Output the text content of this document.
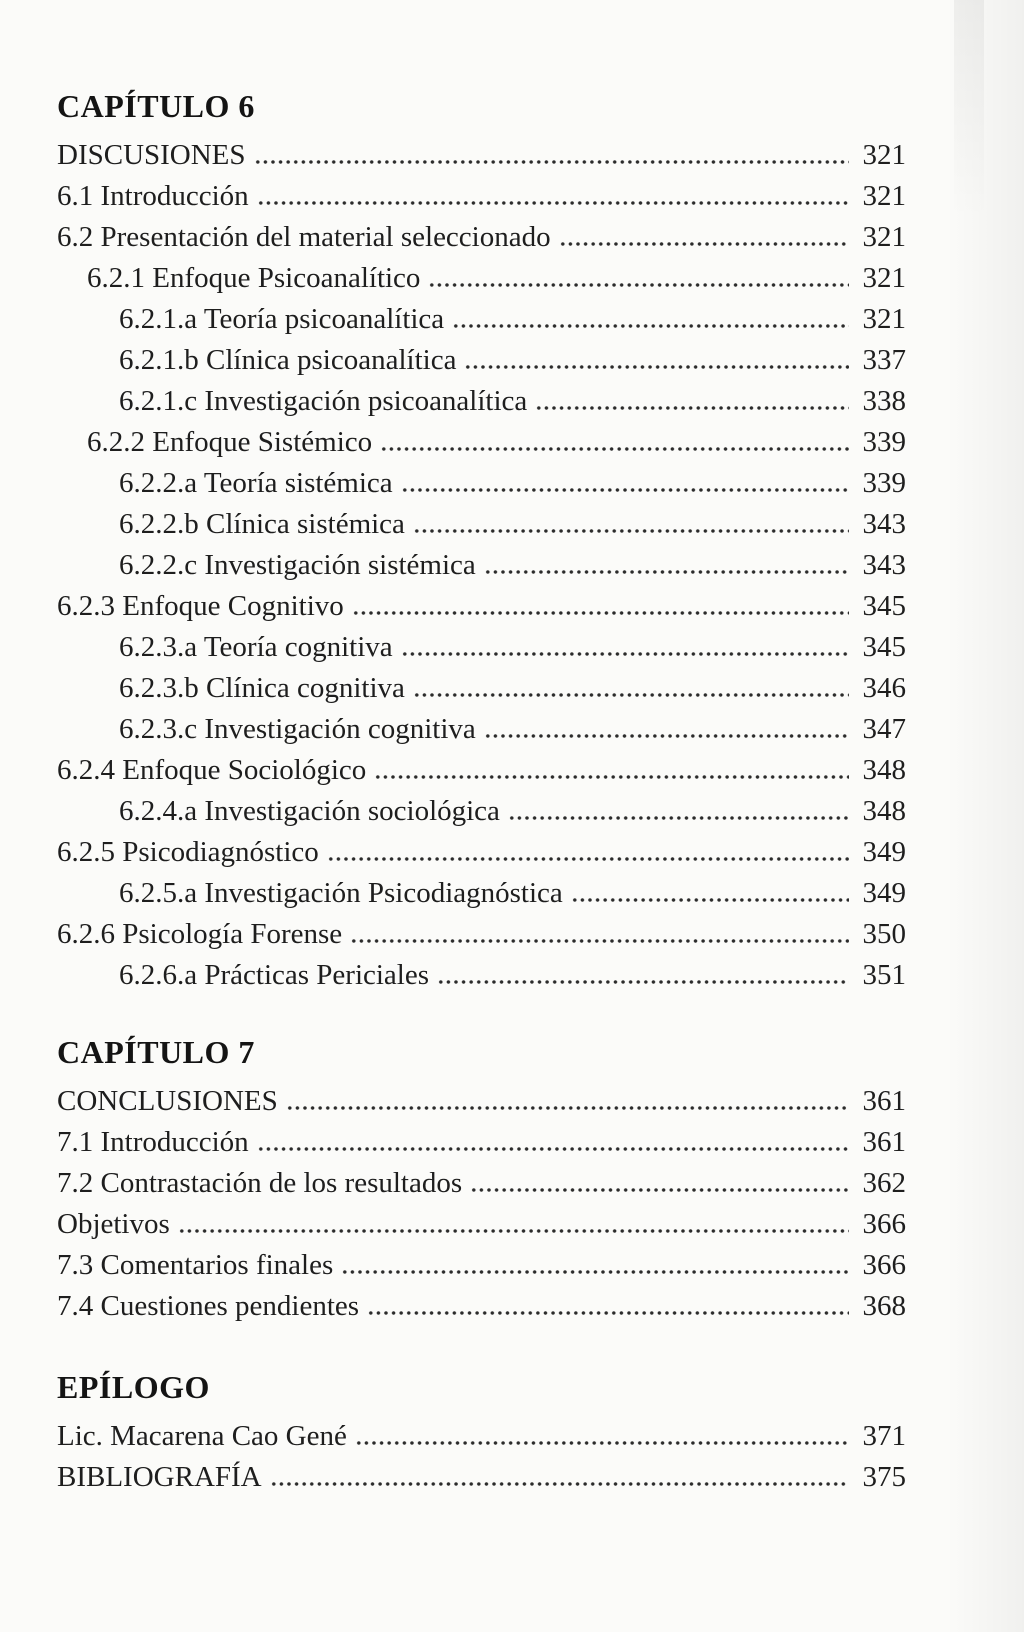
CAPÍTULO 6
DISCUSIONES	321
6.1 Introducción	321
6.2 Presentación del material seleccionado	321
6.2.1 Enfoque Psicoanalítico	321
6.2.1.a Teoría psicoanalítica	321
6.2.1.b Clínica psicoanalítica	337
6.2.1.c Investigación psicoanalítica	338
6.2.2 Enfoque Sistémico	339
6.2.2.a Teoría sistémica	339
6.2.2.b Clínica sistémica	343
6.2.2.c Investigación sistémica	343
6.2.3 Enfoque Cognitivo	345
6.2.3.a Teoría cognitiva	345
6.2.3.b Clínica cognitiva	346
6.2.3.c Investigación cognitiva	347
6.2.4 Enfoque Sociológico	348
6.2.4.a Investigación sociológica	348
6.2.5 Psicodiagnóstico	349
6.2.5.a Investigación Psicodiagnóstica	349
6.2.6 Psicología Forense	350
6.2.6.a Prácticas Periciales	351
CAPÍTULO 7
CONCLUSIONES	361
7.1 Introducción	361
7.2 Contrastación de los resultados	362
Objetivos	366
7.3 Comentarios finales	366
7.4 Cuestiones pendientes	368
EPÍLOGO
Lic. Macarena Cao Gené	371
BIBLIOGRAFÍA	375
